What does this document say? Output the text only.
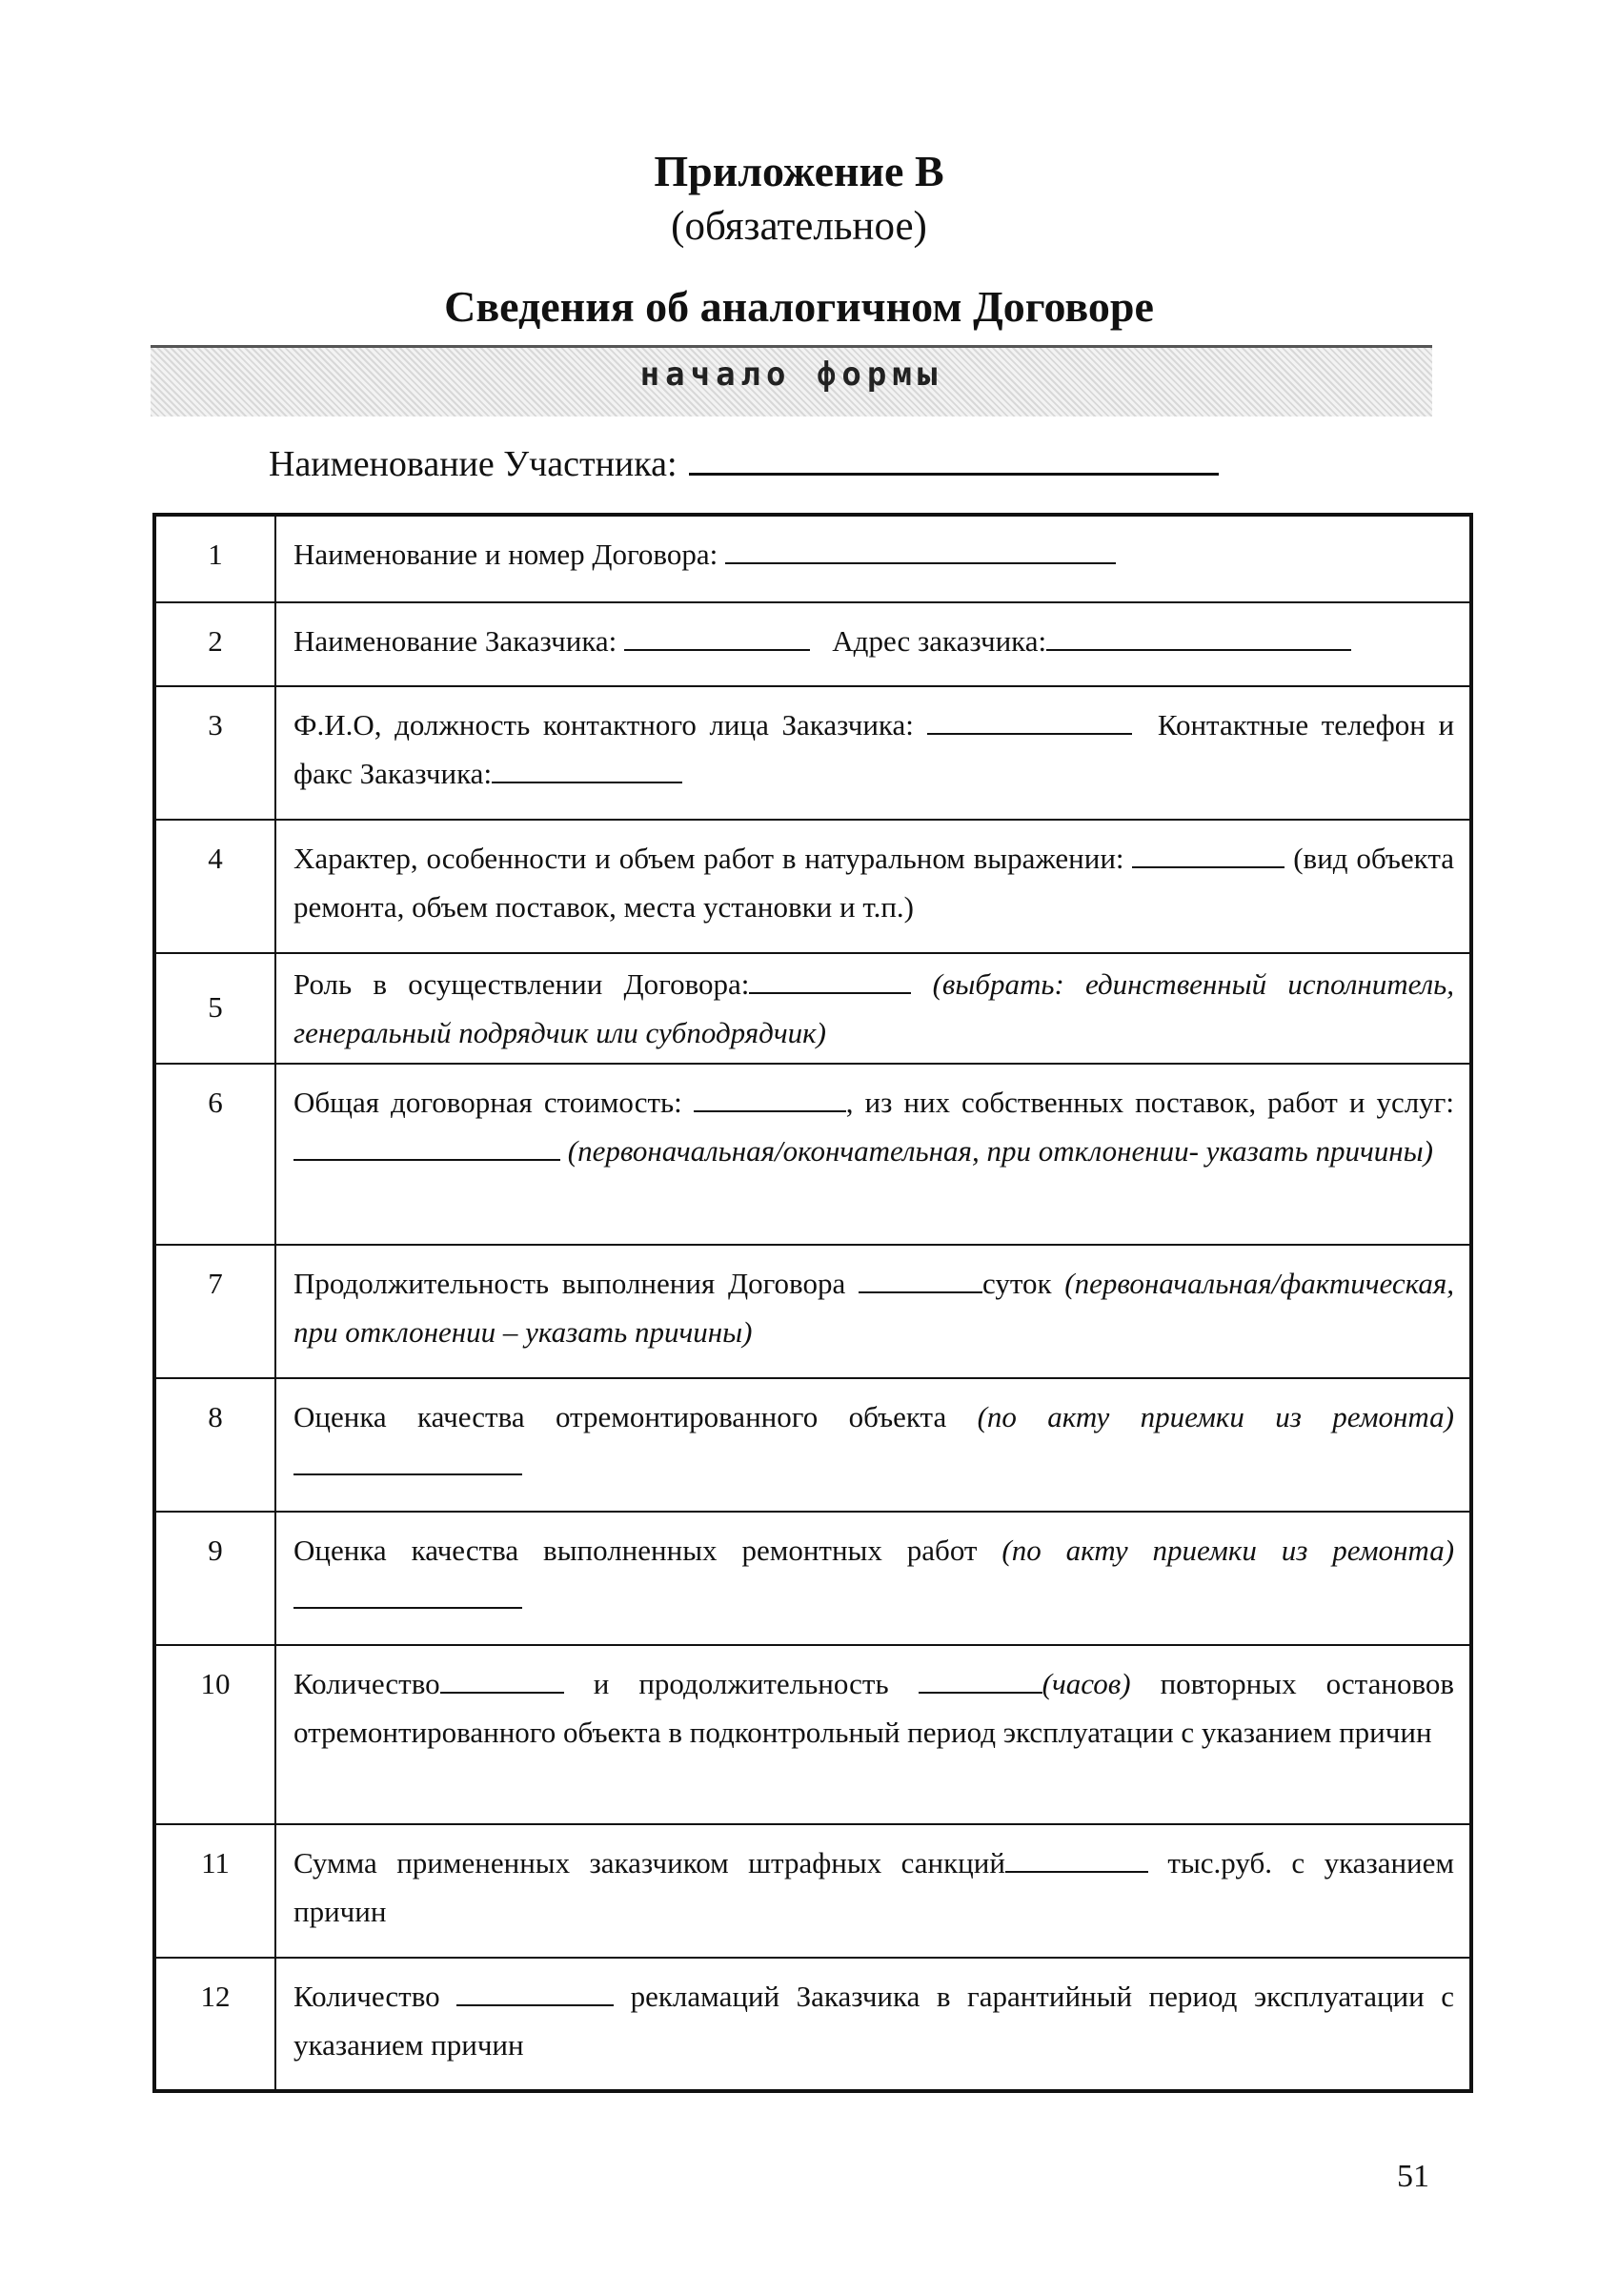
Приложение В
(обязательное)
Сведения об аналогичном Договоре
начало формы
Наименование Участника:
1	Наименование и номер Договора:
2	Наименование Заказчика: Адрес заказчика:
3	Ф.И.О, должность контактного лица Заказчика: Контактные телефон и факс Заказчика:
4	Характер, особенности и объем работ в натуральном выражении: (вид объекта ремонта, объем поставок, места установки и т.п.)
5	Роль в осуществлении Договора: (выбрать: единственный исполнитель, генеральный подрядчик или субподрядчик)
6	Общая договорная стоимость: , из них собственных поставок, работ и услуг: (первоначальная/окончательная, при отклонении- указать причины)
7	Продолжительность выполнения Договора суток (первоначальная/фактическая, при отклонении – указать причины)
8	Оценка качества отремонтированного объекта (по акту приемки из ремонта)
9	Оценка качества выполненных ремонтных работ (по акту приемки из ремонта)
10	Количество и продолжительность (часов) повторных остановов отремонтированного объекта в подконтрольный период эксплуатации с указанием причин
11	Сумма примененных заказчиком штрафных санкций тыс.руб. с указанием причин
12	Количество рекламаций Заказчика в гарантийный период эксплуатации с указанием причин
51
